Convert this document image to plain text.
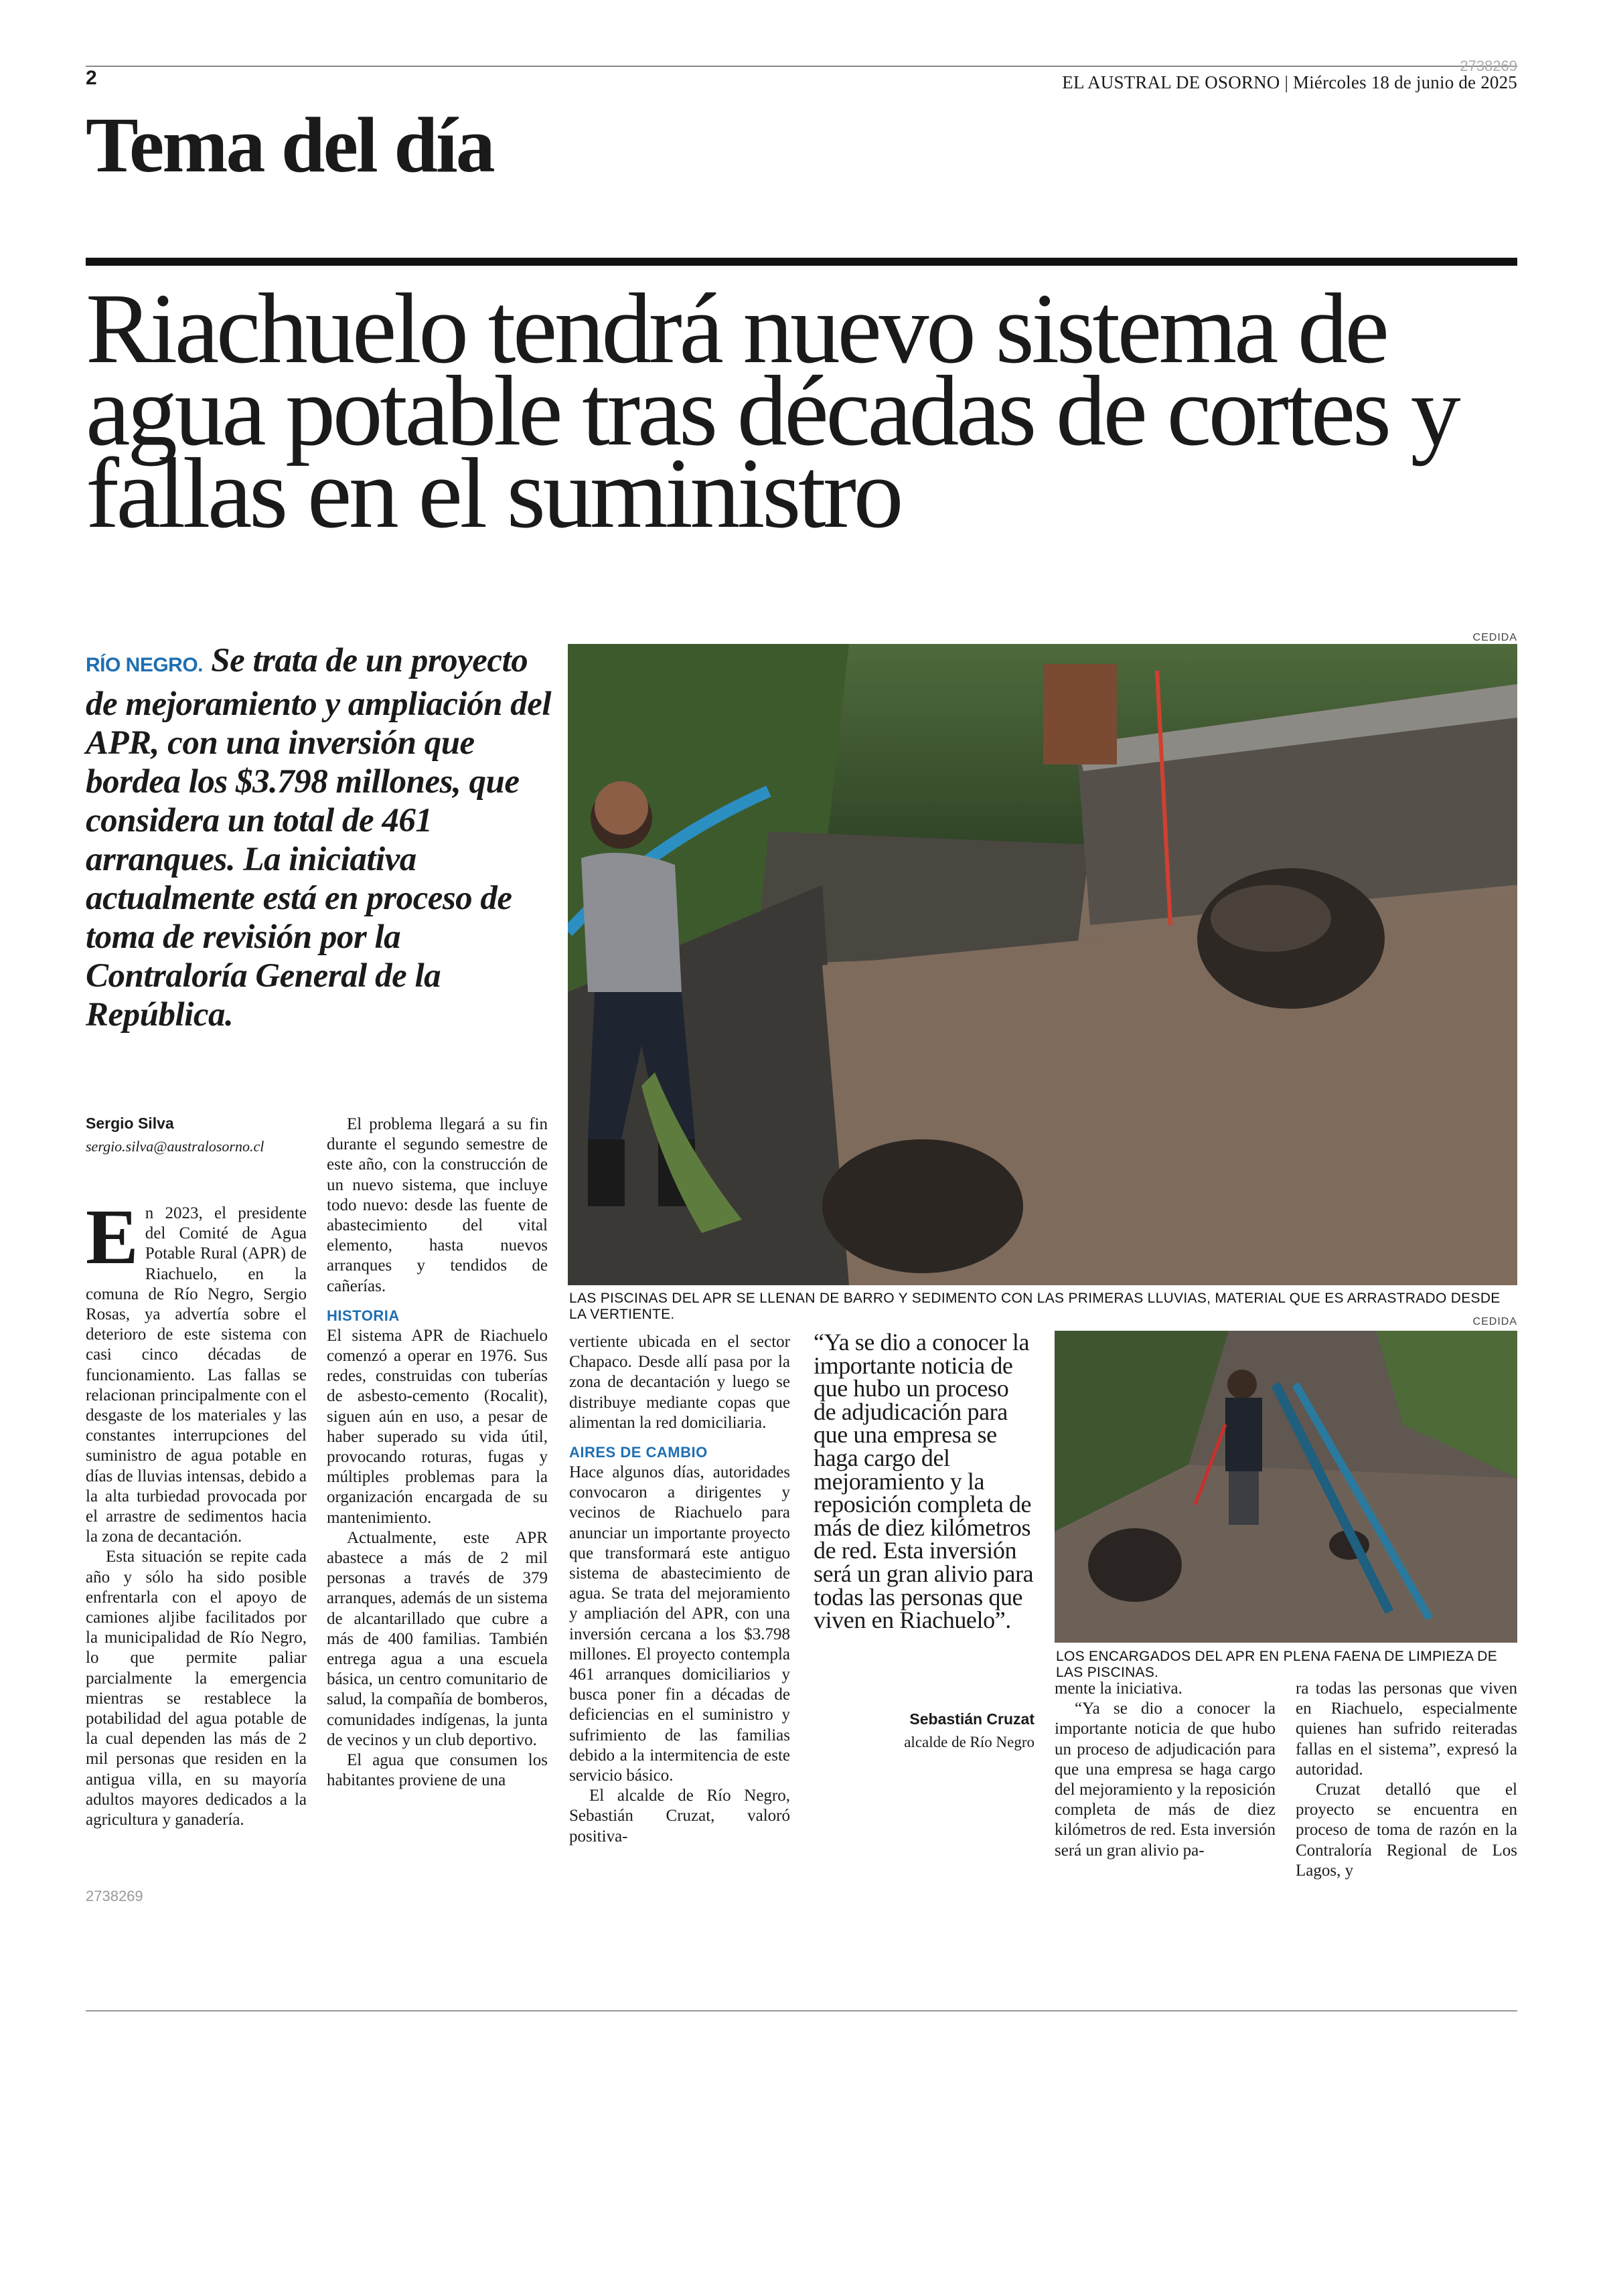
2
2738269
EL AUSTRAL DE OSORNO | Miércoles 18 de junio de 2025
Tema del día
Riachuelo tendrá nuevo sistema de agua potable tras décadas de cortes y fallas en el suministro
RÍO NEGRO. Se trata de un proyecto de mejoramiento y ampliación del APR, con una inversión que bordea los $3.798 millones, que considera un total de 461 arranques. La iniciativa actualmente está en proceso de toma de revisión por la Contraloría General de la República.
CEDIDA
LAS PISCINAS DEL APR SE LLENAN DE BARRO Y SEDIMENTO CON LAS PRIMERAS LLUVIAS, MATERIAL QUE ES ARRASTRADO DESDE LA VERTIENTE.	CEDIDA
LOS ENCARGADOS DEL APR EN PLENA FAENA DE LIMPIEZA DE LAS PISCINAS.
Sergio Silva
sergio.silva@australosorno.cl

En 2023, el presidente del Comité de Agua Potable Rural (APR) de Riachuelo, en la comuna de Río Negro, Sergio Rosas, ya advertía sobre el deterioro de este sistema con casi cinco décadas de funcionamiento. Las fallas se relacionan principalmente con el desgaste de los materiales y las constantes interrupciones del suministro de agua potable en días de lluvias intensas, debido a la alta turbiedad provocada por el arrastre de sedimentos hacia la zona de decantación.

Esta situación se repite cada año y sólo ha sido posible enfrentarla con el apoyo de camiones aljibe facilitados por la municipalidad de Río Negro, lo que permite paliar parcialmente la emergencia mientras se restablece la potabilidad del agua potable de la cual dependen las más de 2 mil personas que residen en la antigua villa, en su mayoría adultos mayores dedicados a la agricultura y ganadería.

2738269

El problema llegará a su fin durante el segundo semestre de este año, con la construcción de un nuevo sistema, que incluye todo nuevo: desde las fuente de abastecimiento del vital elemento, hasta nuevos arranques y tendidos de cañerías.

HISTORIA

El sistema APR de Riachuelo comenzó a operar en 1976. Sus redes, construidas con tuberías de asbesto-cemento (Rocalit), siguen aún en uso, a pesar de haber superado su vida útil, provocando roturas, fugas y múltiples problemas para la organización encargada de su mantenimiento.

Actualmente, este APR abastece a más de 2 mil personas a través de 379 arranques, además de un sistema de alcantarillado que cubre a más de 400 familias. También entrega agua a una escuela básica, un centro comunitario de salud, la compañía de bomberos, comunidades indígenas, la junta de vecinos y un club deportivo.

El agua que consumen los habitantes proviene de una

vertiente ubicada en el sector Chapaco. Desde allí pasa por la zona de decantación y luego se distribuye mediante copas que alimentan la red domiciliaria.

AIRES DE CAMBIO

Hace algunos días, autoridades convocaron a dirigentes y vecinos de Riachuelo para anunciar un importante proyecto que transformará este antiguo sistema de abastecimiento de agua. Se trata del mejoramiento y ampliación del APR, con una inversión cercana a los $3.798 millones. El proyecto contempla 461 arranques domiciliarios y busca poner fin a décadas de deficiencias en el suministro y sufrimiento de las familias debido a la intermitencia de este servicio básico.

El alcalde de Río Negro, Sebastián Cruzat, valoró positiva-

“Ya se dio a conocer la importante noticia de que hubo un proceso de adjudicación para que una empresa se haga cargo del mejoramiento y la reposición completa de más de diez kilómetros de red. Esta inversión será un gran alivio para todas las personas que viven en Riachuelo”.
Sebastián Cruzat
alcalde de Río Negro

mente la iniciativa.

“Ya se dio a conocer la importante noticia de que hubo un proceso de adjudicación para que una empresa se haga cargo del mejoramiento y la reposición completa de más de diez kilómetros de red. Esta inversión será un gran alivio pa-

ra todas las personas que viven en Riachuelo, especialmente quienes han sufrido reiteradas fallas en el sistema”, expresó la autoridad.

Cruzat detalló que el proyecto se encuentra en proceso de toma de razón en la Contraloría Regional de Los Lagos, y
